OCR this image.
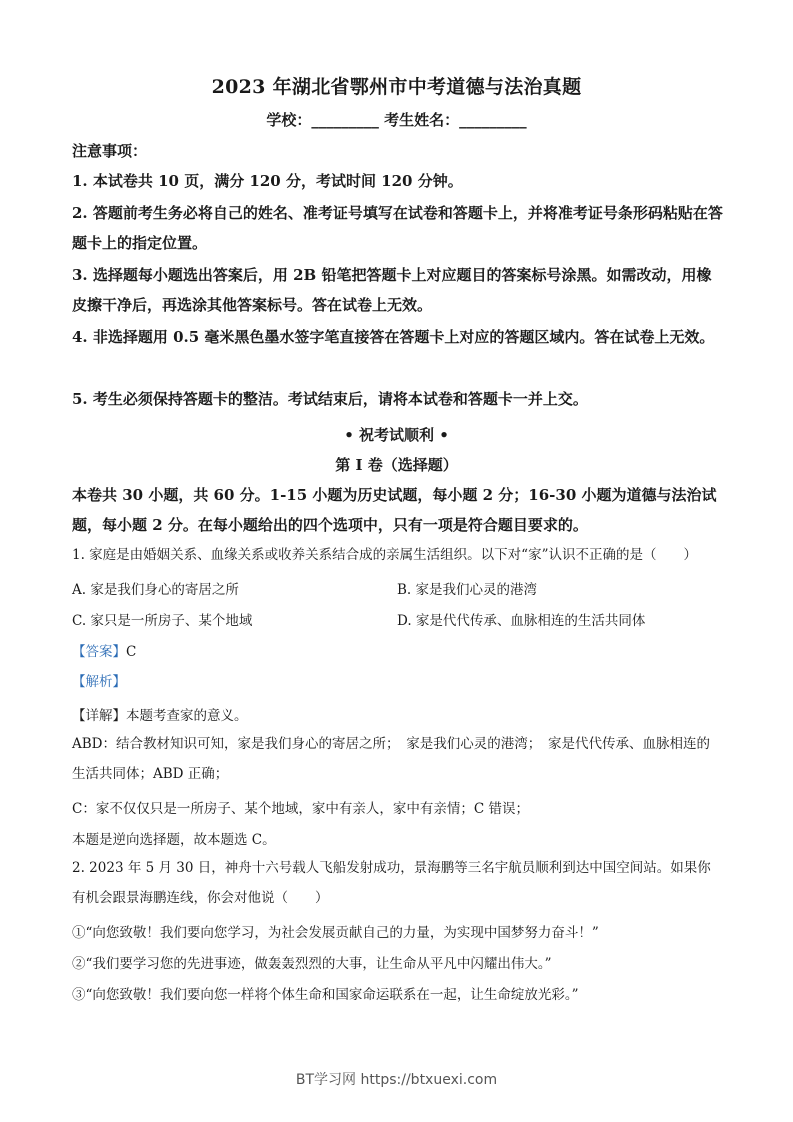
2023 年湖北省鄂州市中考道德与法治真题
学校：_________ 考生姓名：_________
注意事项：
1. 本试卷共 10 页，满分 120 分，考试时间 120 分钟。
2. 答题前考生务必将自己的姓名、准考证号填写在试卷和答题卡上，并将准考证号条形码粘贴在答题卡上的指定位置。
3. 选择题每小题选出答案后，用 2B 铅笔把答题卡上对应题目的答案标号涂黑。如需改动，用橡皮擦干净后，再选涂其他答案标号。答在试卷上无效。
4. 非选择题用 0.5 毫米黑色墨水签字笔直接答在答题卡上对应的答题区域内。答在试卷上无效。
5. 考生必须保持答题卡的整洁。考试结束后，请将本试卷和答题卡一并上交。
• 祝考试顺利 •
第 I 卷（选择题）
本卷共 30 小题，共 60 分。1-15 小题为历史试题，每小题 2 分；16-30 小题为道德与法治试题，每小题 2 分。在每小题给出的四个选项中，只有一项是符合题目要求的。
1. 家庭是由婚姻关系、血缘关系或收养关系结合成的亲属生活组织。以下对“家”认识不正确的是（　　）
A. 家是我们身心的寄居之所	B. 家是我们心灵的港湾
C. 家只是一所房子、某个地域	D. 家是代代传承、血脉相连的生活共同体
【答案】C
【解析】
【详解】本题考查家的意义。
ABD：结合教材知识可知，家是我们身心的寄居之所；　家是我们心灵的港湾；　家是代代传承、血脉相连的生活共同体；ABD 正确；
C：家不仅仅只是一所房子、某个地域，家中有亲人，家中有亲情；C 错误；
本题是逆向选择题，故本题选 C。
2. 2023 年 5 月 30 日，神舟十六号载人飞船发射成功，景海鹏等三名宇航员顺利到达中国空间站。如果你有机会跟景海鹏连线，你会对他说（　　）
①“向您致敬！我们要向您学习，为社会发展贡献自己的力量，为实现中国梦努力奋斗！”
②“我们要学习您的先进事迹，做轰轰烈烈的大事，让生命从平凡中闪耀出伟大。”
③“向您致敬！我们要向您一样将个体生命和国家命运联系在一起，让生命绽放光彩。”
BT学习网 https://btxuexi.com
